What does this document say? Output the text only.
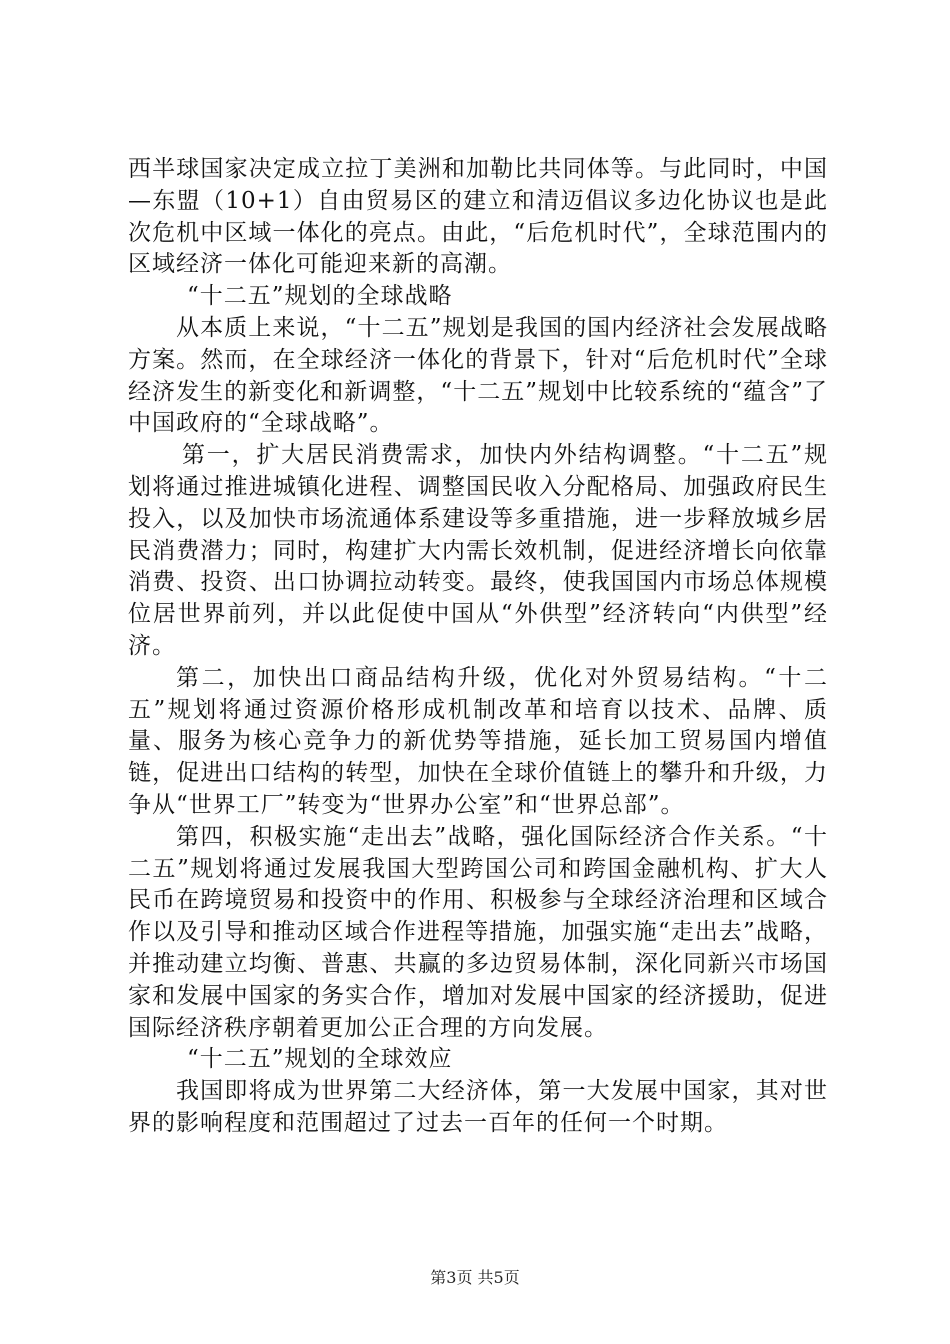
西半球国家决定成立拉丁美洲和加勒比共同体等。与此同时，中国—东盟（10+1）自由贸易区的建立和清迈倡议多边化协议也是此次危机中区域一体化的亮点。由此，“后危机时代”，全球范围内的区域经济一体化可能迎来新的高潮。

“十二五”规划的全球战略

从本质上来说，“十二五”规划是我国的国内经济社会发展战略方案。然而，在全球经济一体化的背景下，针对“后危机时代”全球经济发生的新变化和新调整，“十二五”规划中比较系统的“蕴含”了中国政府的“全球战略”。

第一，扩大居民消费需求，加快内外结构调整。“十二五”规划将通过推进城镇化进程、调整国民收入分配格局、加强政府民生投入，以及加快市场流通体系建设等多重措施，进一步释放城乡居民消费潜力；同时，构建扩大内需长效机制，促进经济增长向依靠消费、投资、出口协调拉动转变。最终，使我国国内市场总体规模位居世界前列，并以此促使中国从“外供型”经济转向“内供型”经济。

第二，加快出口商品结构升级，优化对外贸易结构。“十二五”规划将通过资源价格形成机制改革和培育以技术、品牌、质量、服务为核心竞争力的新优势等措施，延长加工贸易国内增值链，促进出口结构的转型，加快在全球价值链上的攀升和升级，力争从“世界工厂”转变为“世界办公室”和“世界总部”。

第四，积极实施“走出去”战略，强化国际经济合作关系。“十二五”规划将通过发展我国大型跨国公司和跨国金融机构、扩大人民币在跨境贸易和投资中的作用、积极参与全球经济治理和区域合作以及引导和推动区域合作进程等措施，加强实施“走出去”战略，并推动建立均衡、普惠、共赢的多边贸易体制，深化同新兴市场国家和发展中国家的务实合作，增加对发展中国家的经济援助，促进国际经济秩序朝着更加公正合理的方向发展。

“十二五”规划的全球效应

我国即将成为世界第二大经济体，第一大发展中国家，其对世界的影响程度和范围超过了过去一百年的任何一个时期。

第3页 共5页
